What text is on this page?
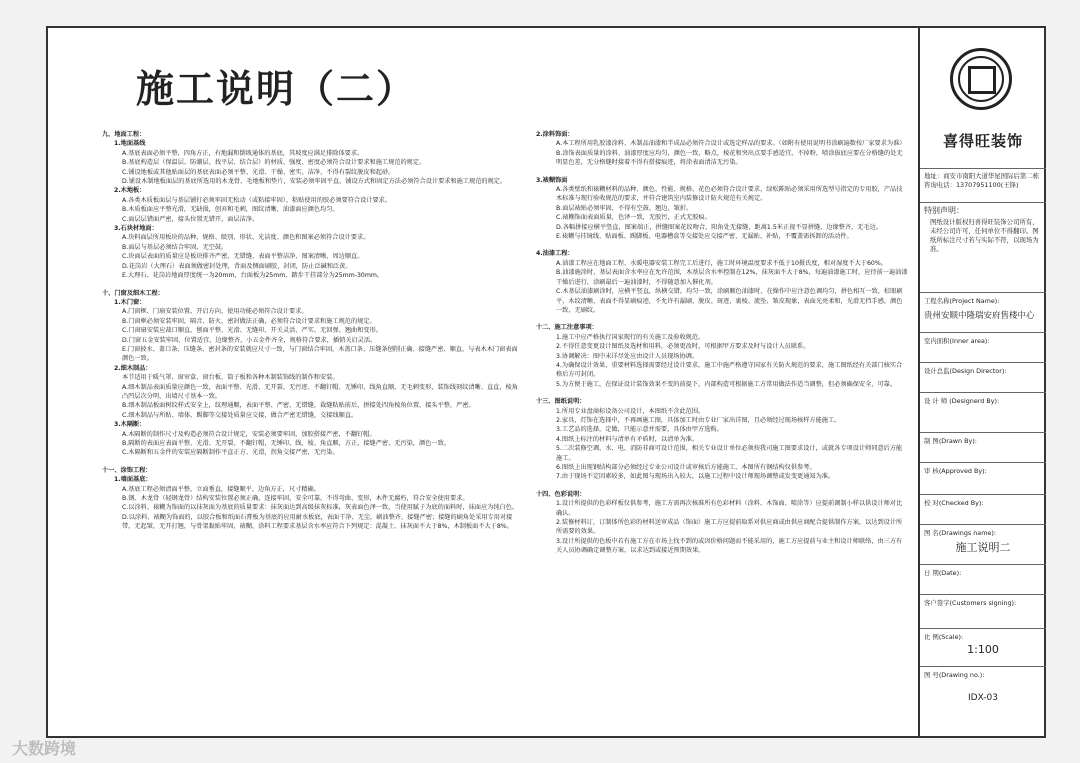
施工说明（二）
九、地面工程：
1.地面基线
A.基底表面必须平整，四角方正，有地漏和倒坡通体的基底，其坡度应满足排除体要求。
B.基底构造层（保温层、防潮层、找平层、结合层）的材质、强度、密度必须符合设计要求和施工规范的规定。
C.铺设地板或其他贴面层的基底表面必须平整、光滑、干燥、密实、洁净，不得有裂纹脱皮和起砂。
D.铺设木制地板面层的基底所选用的木龙骨，毛地板和垫片，安装必须牢固平直，铺设方式和固定方法必须符合设计要求和施工规范的规定。
2.木地板：
A.各类木质板面层与基层铺钉必须牢固无松动（或粘接牢固），粘贴使用的胶必须要符合设计要求。
B.木质板面应平整光滑，无缺损，创弃和毛刺，图纹清晰，油漆面应颜色均匀。
C.面层层错面严密，接头位置无错开，面层洁净。
3.石块材地面：
A.块料面层所用板块的品种、规格、级别、形状、光洁度、颜色和图案必须符合设计要求。
B.面层与基层必须结合牢固，无空鼓。
C.块面层表面的质量应是板块排齐严密、无错缝、表面平整洁净、图案清晰、周边顺直。
D.花岗岩（大理石）表面须做密封处理，背面及侧面刷胶，封闭，防止泛碱和泛黄。
E.大理石、花岗岩地面厚度统一为20mm，台面板为25mm，踏步干挂部分为25mm-30mm。
十、门窗及细木工程：
1.木门窗：
A.门窗框、门扇安装位置、开启方向、使用功能必须符合设计要求。
B.门窗框必须安装牢固，隔音、防火、密封做法正确，必须符合设计要求和施工规范的规定。
C.门窗扇安装应裁口顺直，刨面平整、光滑、无缝印、开关灵活、严实、无回弹、翘曲和变形。
D.门窗五金安装牢固，位置适宜，边缘整齐，小五金件齐全，规格符合要求，插销关启灵活。
E.门窗披水、盖口条、压缝条、密封条的安装就应尺寸一致，与门窗结合牢固，木盖口条、压缝条刨削正确、接缝严密、顺直，与表木木门窗表面颜色一致。
2.细木制品：
本节适用于暖气罩、窗帘盒、窗台板、筒子板和各种木制装饰线的制作和安装。
A.细木制品表面质量应颜色一致，表面平整、光滑、无开裂、无污迹、不翻钉帽、无锤印，线角直顺，无毛刺变形，装饰线刻纹清晰、直直，棱角凸凹层次分明，出墙尺寸基本一致。
B.细木制品板面树纹样式安全上，纹理通顺，表面平整、严密，无错缝，裁缝粘贴前后，拼接处四角棱角位置，接头平整，严密。
C.细木制品与所贴、墙体、踢脚等交接处质量应交接，做合严密无错缝，交接线顺直。
3.木隔断：
A.木隔断的制作尺寸及构造必须符合设计规定，安装必须要牢固，加胶搭接严密，不翻钉帽。
B.隔断的表面应表面平整、光滑、无开裂、不翻钉帽，无锤印，线、棱、角直顺，方正，接缝严密，无污染，颜色一致。
C.木隔断和五金件的安装应隔断制作平直正方、光滑，拐角交接严密，无污染。
十一、涂饰工程：
1.墙面基底：
A.基底工程必须清面平整，立面垂直，接缝顺平，边角方正，尺寸精确。
B.钢、木龙骨（轻钢龙骨）结构安装位置必须正确，连接牢固，安全可靠，不得弯曲、变形，木件无腐朽，符合安全使用要求。
C.以涂料、裱糊为饰面的以抹灰面为基底的质量要求：抹灰面达到高级抹灰标准，灰表面色泽一致，当使用腻子为底的面料时，抹面应为纯白色。
D.以涂料、裱糊为饰面的，以胶合板和纸面石膏板为基底的应用耐水板底，表面干净、无尘，刷油整齐，接缝严密；接缝的刷角处采用专用对接带，无起皱、无开打翘，与骨架黏贴牢固，裱糊、涂料工程要求基层含水率应符合下列规定：混凝土、抹灰面不大于8%，木制板面不大于8%。
2.涂料饰面：
A.本工程所用乳胶漆涂料、木制品油漆和半成品必须符合设计或选定样品的要求。（如附有使用说明书涂刷遍数按厂家要求为准）
B.涂饰表面质量的涂料、油漆厚度应均匀，颜色一致，略点，棱花和突出点要手感适宜，不掉粉，喷涂拔底应要在分格缝的处无明显色差，无分格缝时接着不得有搭接痕迹，将涂表面清洁无污染。
3.裱糊饰面
A.各类壁纸和裱糊材料的品种、颜色、性能、规格、花色必须符合设计要求，绿松陈贴必须采用所选型号指定的专用胶，产品技术标准与现行验收规范的要求，并符合建筑室内装修设计防火规范有关规定。
B.面层裱贴必须牢固，不得有空鼓、翘边、皱折。
C.裱糊饰面表面质量，色泽一致，无胶污，正式无胶痕。
D.各幅拼接应横平竖直，图案端正，拼缝图案花纹吻合，阳角处无接缝，距离1.5米正视不显拼缝，边缘整齐，无毛边。
E.裱糊与挂镜线、贴面板、踢脚板、电器槽盒等交接处应交接严密，无漏贴、补贴，不覆盖需拆卸的活动件。
4.油漆工程：
A.油漆工程应在地面工程、水暖电器安装工程完工后进行，施工时环境温度要求不低于10摄氏度，相对湿度不大于60%。
B.油漆施涂时，基层表面含水率应在允许范围，木基层含水率控制在12%，抹灰面不大于8%，每遍油漆施工时，应待前一遍油漆干燥后进行，涂刷最后一遍油漆时，不得随意加入催化剂。
C.木基层油漆刷涂时，应横平竖直，纵横交错，均匀一致，涂刷顺色油漆时，在操作中应注意色调均匀，拼色相互一致，棕眼刷平、木纹清晰，表面不得显刷痕迹，不允许有漏刷、脱皮、斑迹、裹棱、流坠、皱皮现象，表面光亮柔和，光滑无挡手感，颜色一致，无刷纹。
十二、施工注意事项：
1.施工中应严格执行国家现行的有关施工及验收规范。
2.不得任意变更设计图纸及选材和用料，必须更改时，可根据甲方要求及时与设计人员联系。
3.协调解决：图中未详尽处应由设计人员现场协调。
4.为确保设计效果，重要材料选择需要经过设计要求，施工中施严格遵守国家有关防火规范的要求，施工图纸经有关部门核实合格后方可封闭。
5.为方便于施工，在保证设计装饰效果不变的前提下，内部构造可根据施工方常用做法作适当调整，但必须确保安全、可靠。
十三、图纸说明：
1.所用专业盘商标设备公司设计，本图纸不含此范围。
2.家具、灯饰在选择中，不再画施工图，具体加工时由专业厂家出详图，且必须经过现场核样方能施工。
3.工艺品的选择，定做，只能示意并需要，具体由甲方选购。
4.图纸上标注的材料与清单有矛盾时，以清单为准。
5.二次装修空调、水、电、消防非商可设计范围，相关专业设计单位必须按我司施工图要求设计，或就各专项设计师同意后方能施工。
6.图纸上出现钢结构部分必须经过专业公司设计或审核后方能施工，本图所有钢结构仅供参考。
7.由于现场不定因素较多，如此图与现场出入较大，以施工过程中设计师现场调整或发变更通知为准。
十四、色彩说明：
1.设计所提供的色彩样板仅供参考，施工方需再次核准所有色彩材料（涂料、木饰面、喷涂等）应提前调制小样以供设计师对比确认。
2.装修材料订，订制体所色彩的材料送审成品（饰面）施工方应提前取系对供应商或由供应商配合提供制作方案，以达到设计所所需要的效果。
3.设计所提供的色板中若有施工方在市场上找不到的或因价格问题而不能采用的，施工方应提前与业主和设计师联络，由三方有关人员协调确定调整方案，以求达到或接近预期效果。
喜得旺装饰
地址：商安市南阳大道华星国际后第二栋
咨询电话：13707951100(王锋)
特别声明：
图纸设计版权归喜得旺装饰公司所有，未经公司许可，任何单位不得翻印。图纸所标注尺寸若与实际不符，以现场为准。
工程名称(Project Name):
贵州安顺中隆瑞安府售楼中心
室内面积(Inner area):
设计总监(Design Director):
设 计 师 (Designerd By):
制 图(Drawn By):
审 核(Approved By):
校 对(Checked By):
图 名(Drawings name):
施工说明二
日 期(Date):
客户签字(Customers signing):
比 例(Scale):
1:100
图 号(Drawing no.):
IDX-03
大数跨境
